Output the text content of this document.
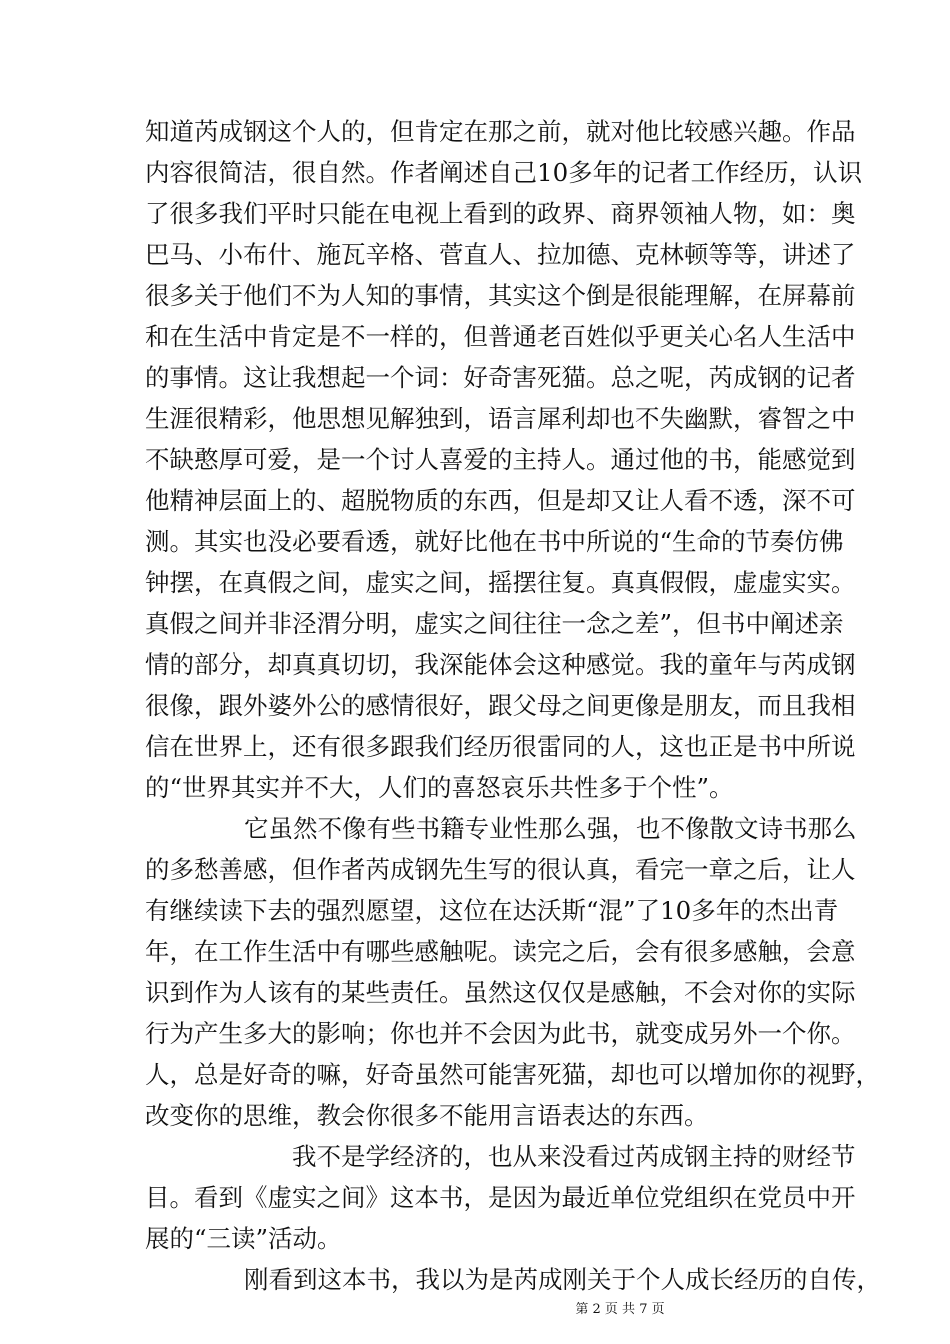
知道芮成钢这个人的，但肯定在那之前，就对他比较感兴趣。作品

内容很简洁，很自然。作者阐述自己10多年的记者工作经历，认识

了很多我们平时只能在电视上看到的政界、商界领袖人物，如：奥

巴马、小布什、施瓦辛格、菅直人、拉加德、克林顿等等，讲述了

很多关于他们不为人知的事情，其实这个倒是很能理解，在屏幕前

和在生活中肯定是不一样的，但普通老百姓似乎更关心名人生活中

的事情。这让我想起一个词：好奇害死猫。总之呢，芮成钢的记者

生涯很精彩，他思想见解独到，语言犀利却也不失幽默，睿智之中

不缺憨厚可爱，是一个讨人喜爱的主持人。通过他的书，能感觉到

他精神层面上的、超脱物质的东西，但是却又让人看不透，深不可

测。其实也没必要看透，就好比他在书中所说的“生命的节奏仿佛

钟摆，在真假之间，虚实之间，摇摆往复。真真假假，虚虚实实。

真假之间并非泾渭分明，虚实之间往往一念之差”，但书中阐述亲

情的部分，却真真切切，我深能体会这种感觉。我的童年与芮成钢

很像，跟外婆外公的感情很好，跟父母之间更像是朋友，而且我相

信在世界上，还有很多跟我们经历很雷同的人，这也正是书中所说

的“世界其实并不大，人们的喜怒哀乐共性多于个性”。

它虽然不像有些书籍专业性那么强，也不像散文诗书那么

的多愁善感，但作者芮成钢先生写的很认真，看完一章之后，让人

有继续读下去的强烈愿望，这位在达沃斯“混”了10多年的杰出青

年，在工作生活中有哪些感触呢。读完之后，会有很多感触，会意

识到作为人该有的某些责任。虽然这仅仅是感触，不会对你的实际

行为产生多大的影响；你也并不会因为此书，就变成另外一个你。

人，总是好奇的嘛，好奇虽然可能害死猫，却也可以增加你的视野，

改变你的思维，教会你很多不能用言语表达的东西。

我不是学经济的，也从来没看过芮成钢主持的财经节

目。看到《虚实之间》这本书，是因为最近单位党组织在党员中开

展的“三读”活动。

刚看到这本书，我以为是芮成刚关于个人成长经历的自传，

第 2 页 共 7 页
